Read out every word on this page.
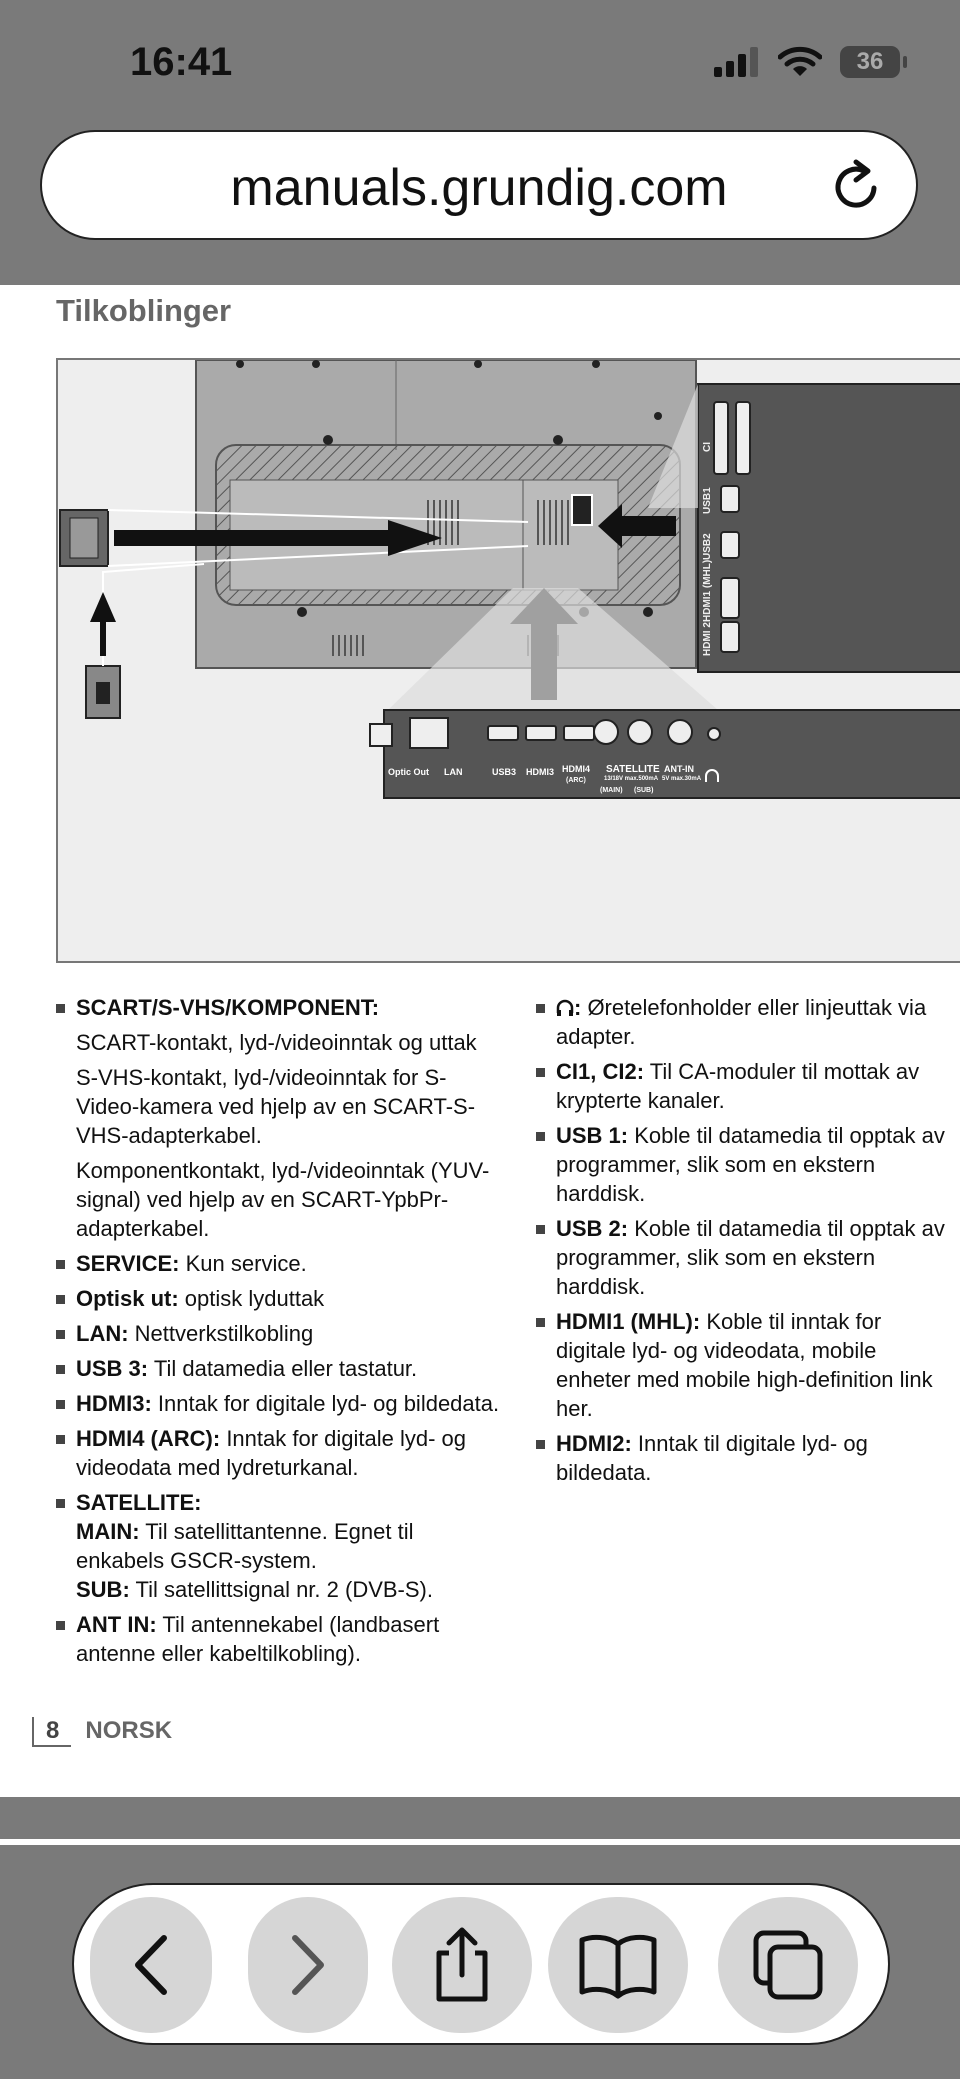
16:41	36
manuals.grundig.com
Tilkoblinger
CI
USB1
USB2
HDMI1 (MHL)
HDMI 2
Optic Out LAN	USB3 HDMI3 HDMI4
(ARC)
SATELLITE
13/18V max.500mA
(MAIN) (SUB)
ANT-IN
5V max.30mA
SCART/S-VHS/KOMPONENT:
SCART-kontakt, lyd-/videoinntak og uttak
S-VHS-kontakt, lyd-/videoinntak for S-Video-kamera ved hjelp av en SCART-S-VHS-adapterkabel.
Komponentkontakt, lyd-/videoinntak (YUV-signal) ved hjelp av en SCART-YpbPr-adapterkabel.
SERVICE: Kun service.
Optisk ut: optisk lyduttak
LAN: Nettverkstilkobling
USB 3: Til datamedia eller tastatur.
HDMI3: Inntak for digitale lyd- og bildedata.
HDMI4 (ARC): Inntak for digitale lyd- og videodata med lydreturkanal.
SATELLITE:
MAIN: Til satellittantenne. Egnet til enkabels GSCR-system.
SUB: Til satellittsignal nr. 2 (DVB-S).
ANT IN: Til antennekabel (landbasert antenne eller kabeltilkobling).
: Øretelefonholder eller linjeuttak via adapter.
CI1, CI2: Til CA-moduler til mottak av krypterte kanaler.
USB 1: Koble til datamedia til opptak av programmer, slik som en ekstern harddisk.
USB 2: Koble til datamedia til opptak av programmer, slik som en ekstern harddisk.
HDMI1 (MHL): Koble til inntak for digitale lyd- og videodata, mobile enheter med mobile high-definition link her.
HDMI2: Inntak til digitale lyd- og bildedata.
8 NORSK
